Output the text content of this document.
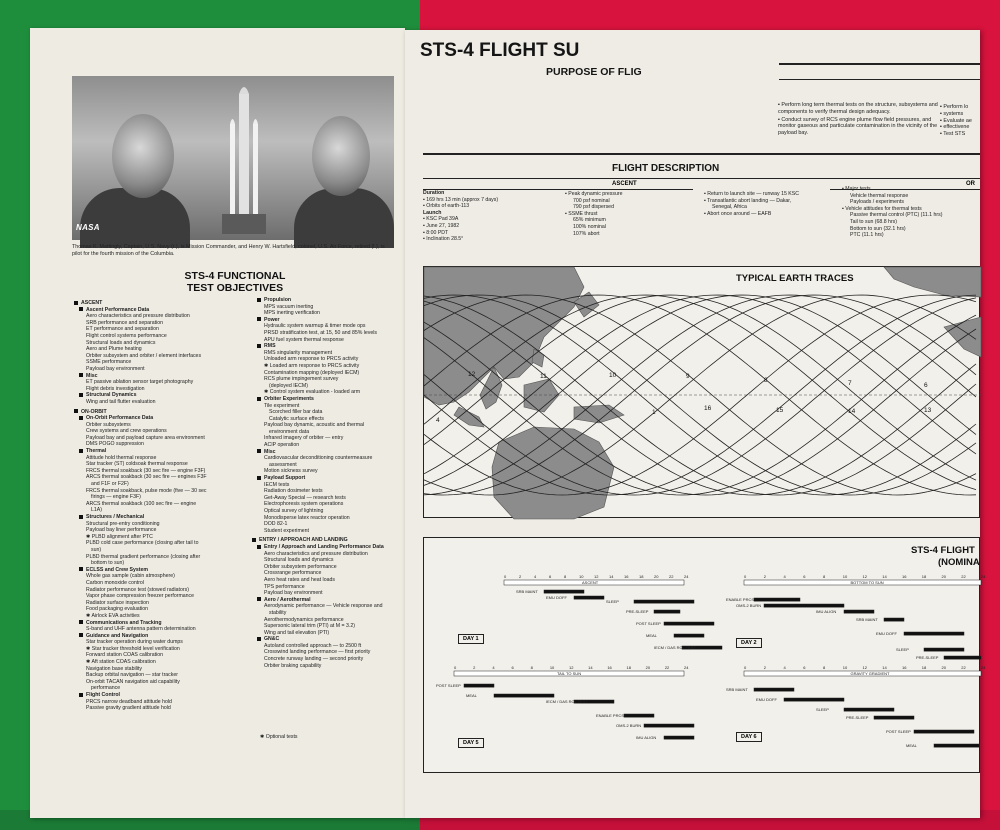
NASA
Thomas K. Mattingly, Captain, U.S. Navy (r.), is Mission Commander, and Henry W. Hartsfield, colonel, U.S. Air Force, retired (l.), is pilot for the fourth mission of the Columbia.
STS-4 FUNCTIONAL
TEST OBJECTIVES
ASCENT
Ascent Performance Data
Aero characteristics and pressure distribution
SRB performance and separation
ET performance and separation
Flight control systems performance
Structural loads and dynamics
Aero and Plume heating
Orbiter subsystem and orbiter / element interfaces
SSME performance
Payload bay environment
Misc
ET passive ablation sensor target photography
Flight debris investigation
Structural Dynamics
Wing and tail flutter evaluation
ON-ORBIT
On-Orbit Performance Data
Orbiter subsystems
Crew systems and crew operations
Payload bay and payload capture area environment
DMS POGO suppression
Thermal
Attitude hold thermal response
Star tracker (ST) coldsoak thermal response
FRCS thermal soakback (30 sec fire — engine F3F)
ARCS thermal soakback (30 sec fire — engines F3F
and F1F or F2F)
FRCS thermal soakback, pulse mode (five — 30 sec
firings — engine F3F)
ARCS thermal soakback (100 sec fire — engine
L1A)
Structures / Mechanical
Structural pre-entry conditioning
Payload bay liner performance
✱ PLBD alignment after PTC
PLBD cold case performance (closing after tail to
sun)
PLBD thermal gradient performance (closing after
bottom to sun)
ECLSS and Crew System
Whole gas sample (cabin atmosphere)
Carbon monoxide control
Radiator performance test (stowed radiators)
Vapor phase compression freezer performance
Radiator surface inspection
Food packaging evaluation
✱ Airlock EVA activities
Communications and Tracking
S-band and UHF antenna pattern determination
Guidance and Navigation
Star tracker operation during water dumps
✱ Star tracker threshold level verification
Forward station COAS calibration
✱ Aft station COAS calibration
Navigation base stability
Backup orbital navigation — star tracker
On-orbit TACAN navigation aid capability
performance
Flight Control
PRCS narrow deadband attitude hold
Passive gravity gradient attitude hold
Propulsion
MPS vacuum inerting
MPS inerting verification
Power
Hydraulic system warmup & timer mode ops
PRSD stratification test, at 15, 50 and 85% levels
APU fuel system thermal response
RMS
RMS singularity management
Unloaded arm response to PRCS activity
✱ Loaded arm response to PRCS activity
Contamination mapping (deployed IECM)
RCS plume impingement survey
(deployed IECM)
✱ Control system evaluation - loaded arm
Orbiter Experiments
Tile experiment
Scorched filler bar data
Catalytic surface effects
Payload bay dynamic, acoustic and thermal
environment data
Infrared imagery of orbiter — entry
ACIP operation
Misc
Cardiovascular deconditioning countermeasure
assessment
Motion sickness survey
Payload Support
IECM tests
Radiation dosimeter tests
Get-Away Special — research tests
Electrophoresis system operations
Optical survey of lightning
Monodisperse latex reactor operation
DOD 82-1
Student experiment
ENTRY / APPROACH AND LANDING
Entry / Approach and Landing Performance Data
Aero characteristics and pressure distribution
Structural loads and dynamics
Orbiter subsystem performance
Crossrange performance
Aero heat rates and heat loads
TPS performance
Payload bay environment
Aero / Aerothermal
Aerodynamic performance — Vehicle response and
stability
Aerothermodynamics performance
Supersonic lateral trim (PTI) at M = 3.2)
Wing and tail elevation (PTI)
GN&C
Autoland controlled approach — to 2500 ft
Crosswind landing performance — first priority
Concrete runway landing — second priority
Orbiter braking capability
✱ Optional tests
STS-4 FLIGHT SU
PURPOSE OF FLIG
▪ Perform long term thermal tests on the structure, subsystems and components to verify thermal design adequacy.
▪ Conduct survey of RCS engine plume flow field pressures, and monitor gaseous and particulate contamination in the vicinity of the payload bay.
▪ Perform lo
▪ systems
▪ Evaluate ae
▪ effectivene
▪ Test STS
FLIGHT DESCRIPTION
ASCENT	OR
Duration
▪ 169 hrs 13 min (approx 7 days)
▪ Orbits of earth-113
Launch
▪ KSC Pad 39A
▪ June 27, 1982
▪ 8:00 PDT
▪ Inclination 28.5°
▪ Peak dynamic pressure
700 psf nominal
790 psf dispersed
▪ SSME thrust
65% minimum
100% nominal
107% abort
▪ Return to launch site — runway 15 KSC
▪ Transatlantic abort landing — Dakar,
Senegal, Africa
▪ Abort once around — EAFB
▪ Major tests
Vehicle thermal response
Payloads / experiments
▪ Vehicle attitudes for thermal tests
Passive thermal control (PTC) (11.1 hrs)
Tail to sun (68.8 hrs)
Bottom to sun (32.1 hrs)
PTC (11.1 hrs)
TYPICAL EARTH TRACES
12	11	10	9
8	7	6
4
1
16	15	14	13
ASCENT
0	2	4	6	8	10	12	14	16	18	20	22	24
BOTTOM TO SUN
0	2	4	6	8	10	12	14	16	18	20	22	24
TAIL TO SUN
0	2	4	6	8	10	12	14	16	18	20	22	24
GRAVITY GRADIENT
0	2	4	6	8	10	12	14	16	18	20	22	24
SRB MAINT
EMU DOFF
SLEEP
PRE-SLEEP
POST SLEEP
MEAL
IECM / DAS RCL TEST
ENABLE PRCS
OMS-2 BURN
IMU ALIGN
SRB MAINT
EMU DOFF
SLEEP
PRE-SLEEP
POST SLEEP
MEAL
IECM / DAS RCL TEST
ENABLE PRCS
OMS-2 BURN
IMU ALIGN
SRB MAINT
EMU DOFF
SLEEP
PRE-SLEEP
POST SLEEP
MEAL
STS-4 FLIGHT
(NOMINA
DAY 1
DAY 2
DAY 5
DAY 6
